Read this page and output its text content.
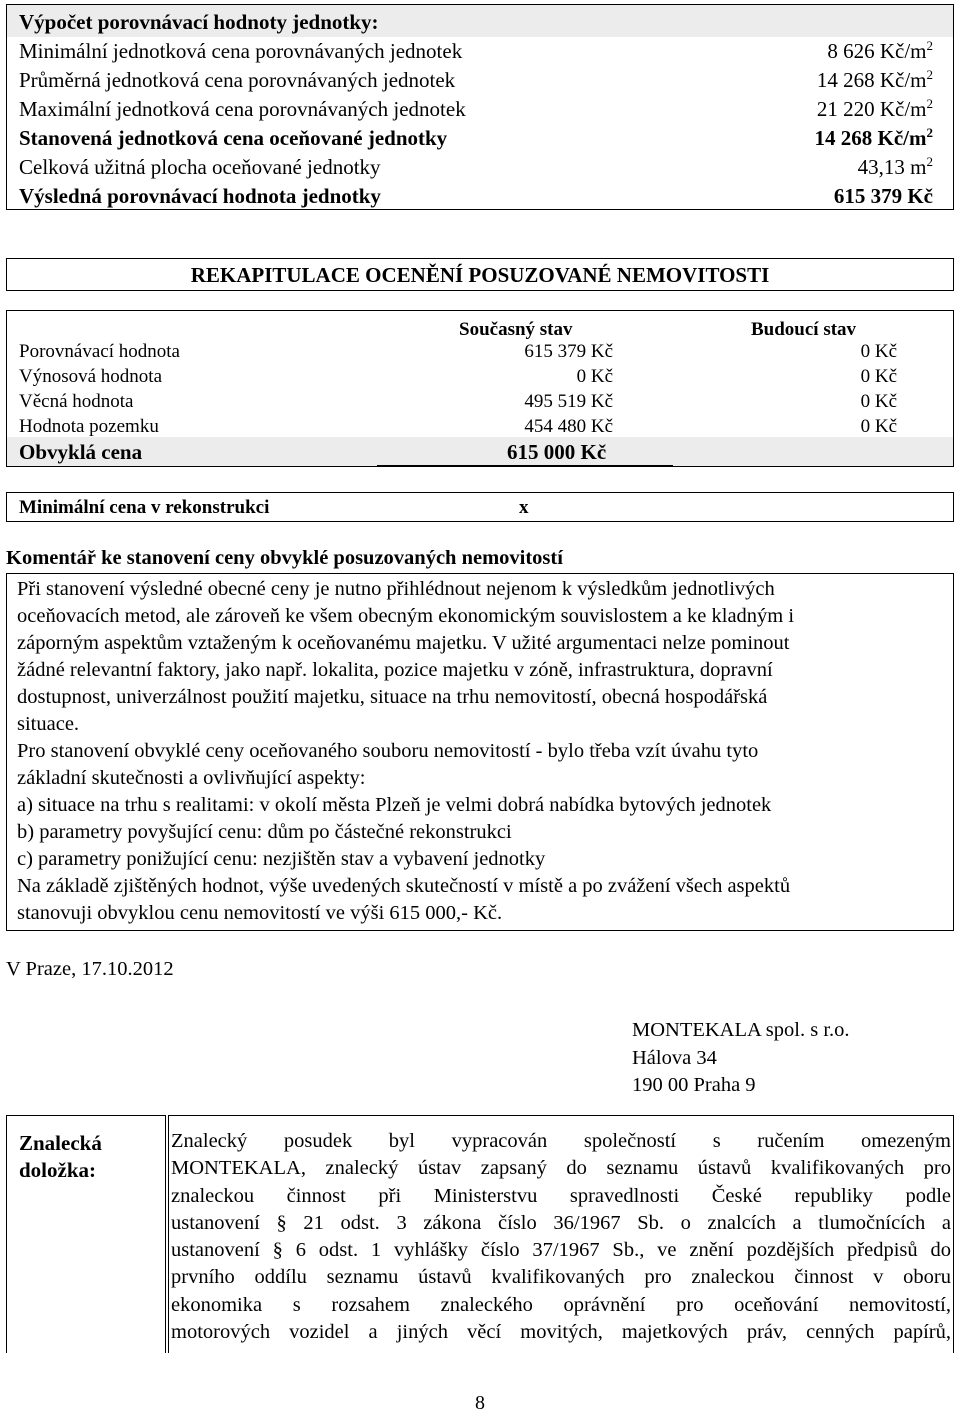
Výpočet porovnávací hodnoty jednotky:
Minimální jednotková cena porovnávaných jednotek	8 626 $Kč/m^2$
Průměrná jednotková cena porovnávaných jednotek	14 268 $Kč/m^2$
Maximální jednotková cena porovnávaných jednotek	21 220 $Kč/m^2$
Stanovená jednotková cena oceňované jednotky	14 268 $Kč/m^2$
Celková užitná plocha oceňované jednotky	43,13 $m^2$
Výsledná porovnávací hodnota jednotky	615 379 Kč
REKAPITULACE OCENĚNÍ POSUZOVANÉ NEMOVITOSTI
Současný stav	Budoucí stav
Porovnávací hodnota	615 379 Kč	0 Kč
Výnosová hodnota	0 Kč	0 Kč
Věcná hodnota	495 519 Kč	0 Kč
Hodnota pozemku	454 480 Kč	0 Kč
Obvyklá cena	615 000 Kč
Minimální cena v rekonstrukci	x
Komentář ke stanovení ceny obvyklé posuzovaných nemovitostí

Při stanovení výsledné obecné ceny je nutno přihlédnout nejenom k výsledkům jednotlivých

oceňovacích metod, ale zároveň ke všem obecným ekonomickým souvislostem a ke kladným i

záporným aspektům vztaženým k oceňovanému majetku. V užité argumentaci nelze pominout

žádné relevantní faktory, jako např. lokalita, pozice majetku v zóně, infrastruktura, dopravní

dostupnost, univerzálnost použití majetku, situace na trhu nemovitostí, obecná hospodářská

situace.

Pro stanovení obvyklé ceny oceňovaného souboru nemovitostí - bylo třeba vzít úvahu tyto

základní skutečnosti a ovlivňující aspekty:

a) situace na trhu s realitami: v okolí města Plzeň je velmi dobrá nabídka bytových jednotek

b) parametry povyšující cenu: dům po částečné rekonstrukci

c) parametry ponižující cenu: nezjištěn stav a vybavení jednotky

Na základě zjištěných hodnot, výše uvedených skutečností v místě a po zvážení všech aspektů

stanovuji obvyklou cenu nemovitostí ve výši 615 000,- Kč.

V Praze, 17.10.2012
MONTEKALA spol. s r.o.
Hálova 34
190 00 Praha 9
Znalecká
doložka:
Znalecký posudek byl vypracován společností s ručením omezeným
MONTEKALA, znalecký ústav zapsaný do seznamu ústavů kvalifikovaných pro
znaleckou činnost při Ministerstvu spravedlnosti České republiky podle
ustanovení § 21 odst. 3 zákona číslo 36/1967 Sb. o znalcích a tlumočnících a
ustanovení § 6 odst. 1 vyhlášky číslo 37/1967 Sb., ve znění pozdějších předpisů do
prvního oddílu seznamu ústavů kvalifikovaných pro znaleckou činnost v oboru
ekonomika s rozsahem znaleckého oprávnění pro oceňování nemovitostí,
motorových vozidel a jiných věcí movitých, majetkových práv, cenných papírů,
8
